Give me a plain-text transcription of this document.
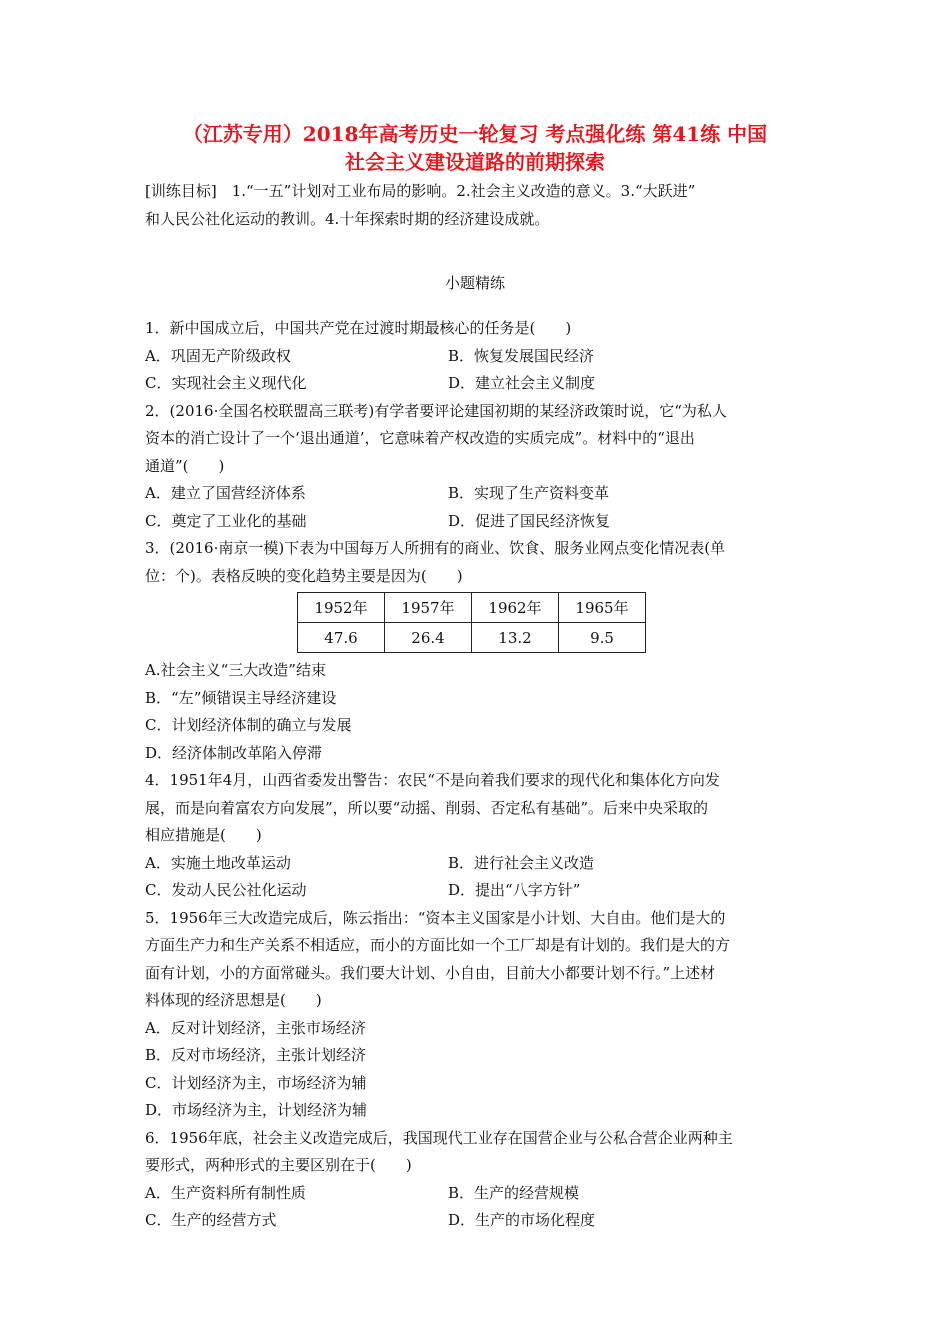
（江苏专用）2018年高考历史一轮复习 考点强化练 第41练 中国
社会主义建设道路的前期探索
[训练目标]　1.“一五”计划对工业布局的影响。2.社会主义改造的意义。3.“大跃进”
和人民公社化运动的教训。4.十年探索时期的经济建设成就。
小题精练
1．新中国成立后，中国共产党在过渡时期最核心的任务是(　　)
A．巩固无产阶级政权	B．恢复发展国民经济
C．实现社会主义现代化	D．建立社会主义制度
2．(2016·全国名校联盟高三联考)有学者要评论建国初期的某经济政策时说，它“为私人
资本的消亡设计了一个‘退出通道’，它意味着产权改造的实质完成”。材料中的“退出
通道”(　　)
A．建立了国营经济体系	B．实现了生产资料变革
C．奠定了工业化的基础	D．促进了国民经济恢复
3．(2016·南京一模)下表为中国每万人所拥有的商业、饮食、服务业网点变化情况表(单
位：个)。表格反映的变化趋势主要是因为(　　)
1952年	1957年	1962年	1965年
47.6	26.4	13.2	9.5
A.社会主义“三大改造”结束
B．“左”倾错误主导经济建设
C．计划经济体制的确立与发展
D．经济体制改革陷入停滞
4．1951年4月，山西省委发出警告：农民“不是向着我们要求的现代化和集体化方向发
展，而是向着富农方向发展”，所以要“动摇、削弱、否定私有基础”。后来中央采取的
相应措施是(　　)
A．实施土地改革运动	B．进行社会主义改造
C．发动人民公社化运动	D．提出“八字方针”
5．1956年三大改造完成后，陈云指出：“资本主义国家是小计划、大自由。他们是大的
方面生产力和生产关系不相适应，而小的方面比如一个工厂却是有计划的。我们是大的方
面有计划，小的方面常碰头。我们要大计划、小自由，目前大小都要计划不行。”上述材
料体现的经济思想是(　　)
A．反对计划经济，主张市场经济
B．反对市场经济，主张计划经济
C．计划经济为主，市场经济为辅
D．市场经济为主，计划经济为辅
6．1956年底，社会主义改造完成后，我国现代工业存在国营企业与公私合营企业两种主
要形式，两种形式的主要区别在于(　　)
A．生产资料所有制性质	B．生产的经营规模
C．生产的经营方式	D．生产的市场化程度
